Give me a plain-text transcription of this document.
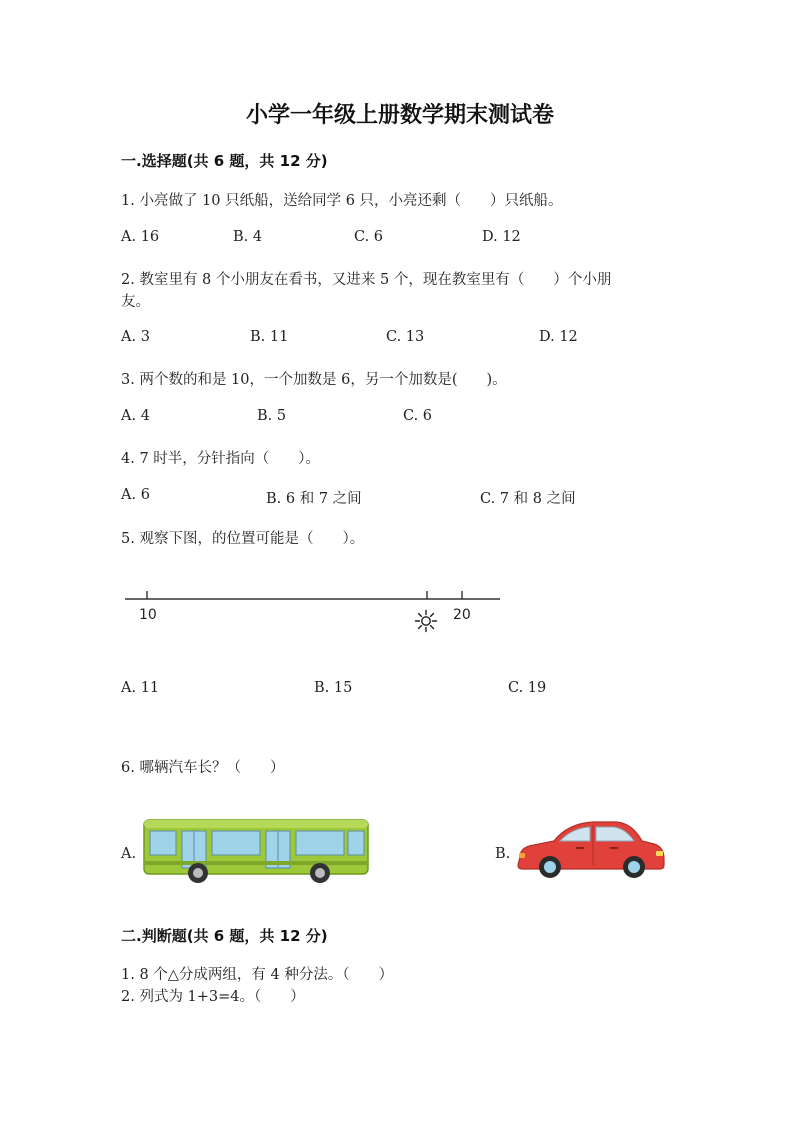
小学一年级上册数学期末测试卷
一.选择题(共 6 题，共 12 分)
1. 小亮做了 10 只纸船，送给同学 6 只，小亮还剩（　　）只纸船。
A. 16	B. 4	C. 6	D. 12
2. 教室里有 8 个小朋友在看书，又进来 5 个，现在教室里有（　　）个小朋
友。
A. 3	B. 11	C. 13	D. 12
3. 两个数的和是 10，一个加数是 6，另一个加数是(　　)。
A. 4	B. 5	C. 6
4. 7 时半，分针指向（　　）。
A. 6	B. 6 和 7 之间	C. 7 和 8 之间
5. 观察下图，的位置可能是（　　）。
10	20
A. 11	B. 15	C. 19
6. 哪辆汽车长？（　　）
A.	B.
二.判断题(共 6 题，共 12 分)
1. 8 个△分成两组，有 4 种分法。（　　）
2. 列式为 1+3=4。（　　）
